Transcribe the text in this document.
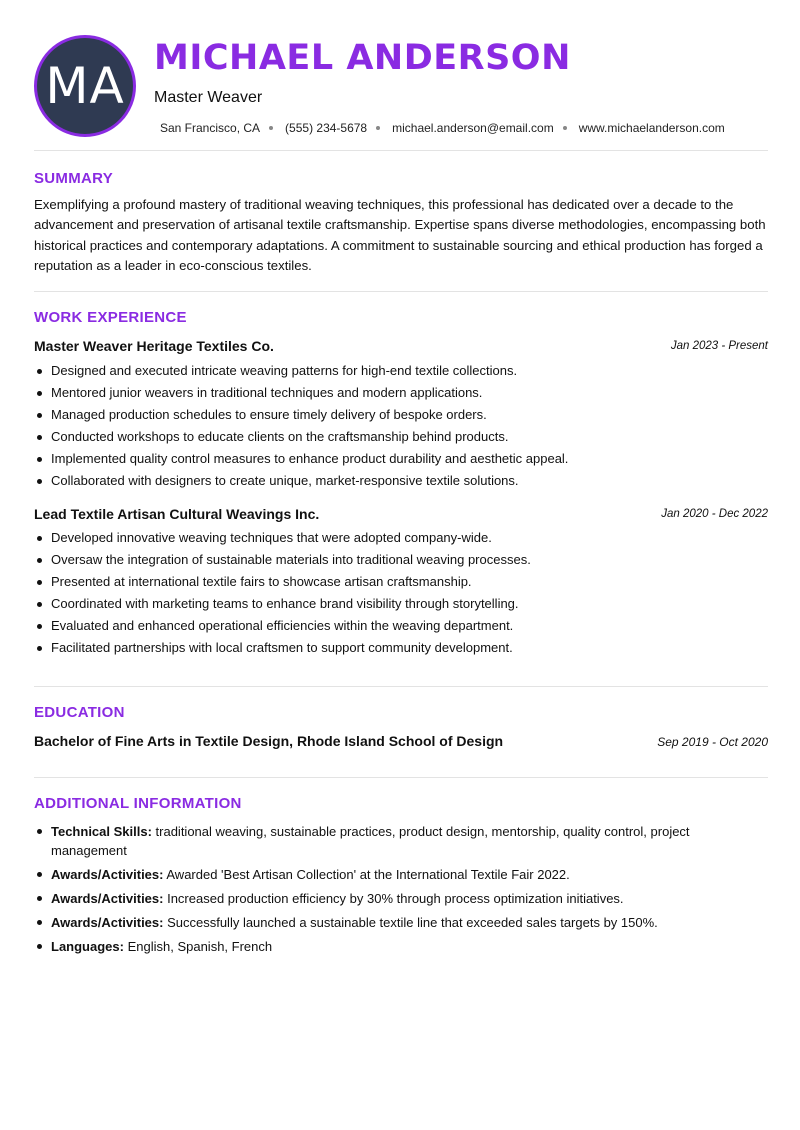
MA MICHAEL ANDERSON
Master Weaver
San Francisco, CA (555) 234-5678 michael.anderson@email.com www.michaelanderson.com
SUMMARY

Exemplifying a profound mastery of traditional weaving techniques, this professional has dedicated over a decade to the advancement and preservation of artisanal textile craftsmanship. Expertise spans diverse methodologies, encompassing both historical practices and contemporary adaptations. A commitment to sustainable sourcing and ethical production has forged a reputation as a leader in eco-conscious textiles.

WORK EXPERIENCE
Master Weaver Heritage Textiles Co.	Jan 2023 - Present
Designed and executed intricate weaving patterns for high-end textile collections.
Mentored junior weavers in traditional techniques and modern applications.
Managed production schedules to ensure timely delivery of bespoke orders.
Conducted workshops to educate clients on the craftsmanship behind products.
Implemented quality control measures to enhance product durability and aesthetic appeal.
Collaborated with designers to create unique, market-responsive textile solutions.
Lead Textile Artisan Cultural Weavings Inc.	Jan 2020 - Dec 2022
Developed innovative weaving techniques that were adopted company-wide.
Oversaw the integration of sustainable materials into traditional weaving processes.
Presented at international textile fairs to showcase artisan craftsmanship.
Coordinated with marketing teams to enhance brand visibility through storytelling.
Evaluated and enhanced operational efficiencies within the weaving department.
Facilitated partnerships with local craftsmen to support community development.
EDUCATION
Bachelor of Fine Arts in Textile Design, Rhode Island School of Design	Sep 2019 - Oct 2020
ADDITIONAL INFORMATION
Technical Skills: traditional weaving, sustainable practices, product design, mentorship, quality control, project management
Awards/Activities: Awarded 'Best Artisan Collection' at the International Textile Fair 2022.
Awards/Activities: Increased production efficiency by 30% through process optimization initiatives.
Awards/Activities: Successfully launched a sustainable textile line that exceeded sales targets by 150%.
Languages: English, Spanish, French
